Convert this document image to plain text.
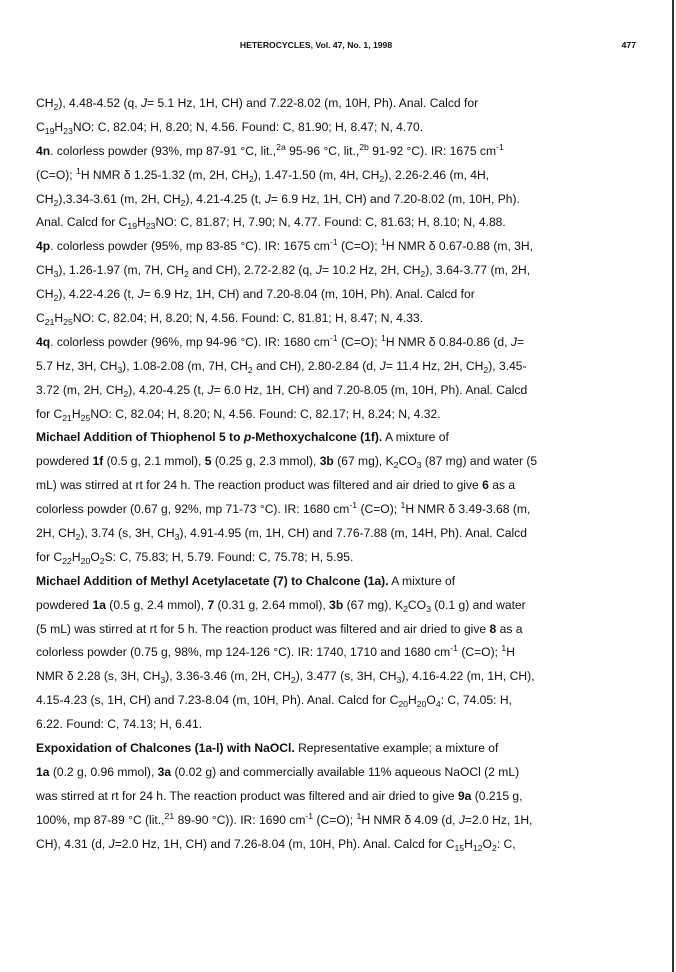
HETEROCYCLES, Vol. 47, No. 1, 1998	477
$CH_2$), 4.48-4.52 (q, J= 5.1 Hz, 1H, CH) and 7.22-8.02 (m, 10H, Ph). Anal. Calcd for
$C_{19}H_{23}NO$: C, 82.04; H, 8.20; N, 4.56. Found: C, 81.90; H, 8.47; N, 4.70.
4n. colorless powder (93%, mp 87-91 °C, lit.,$^{2a}$ 95-96 °C, lit.,$^{2b}$ 91-92 °C). IR: 1675 $cm^{-1}$
(C=O); $^1$H NMR δ 1.25-1.32 (m, 2H, $CH_2$), 1.47-1.50 (m, 4H, $CH_2$), 2.26-2.46 (m, 4H,
$CH_2),3.34-3.61$ (m, 2H, $CH_2$), 4.21-4.25 (t, J= 6.9 Hz, 1H, CH) and 7.20-8.02 (m, 10H, Ph).
Anal. Calcd for $C_{19}H_{23}NO$: C, 81.87; H, 7.90; N, 4.77. Found: C, 81.63; H, 8.10; N, 4.88.
4p. colorless powder (95%, mp 83-85 °C). IR: 1675 $cm^{-1}$ (C=O); $^1$H NMR δ 0.67-0.88 (m, 3H,
$CH_3$), 1.26-1.97 (m, 7H, $CH_2$ and CH), 2.72-2.82 (q, J= 10.2 Hz, 2H, $CH_2$), 3.64-3.77 (m, 2H,
$CH_2$), 4.22-4.26 (t, J= 6.9 Hz, 1H, CH) and 7.20-8.04 (m, 10H, Ph). Anal. Calcd for
$C_{21}H_{25}NO$: C, 82.04; H, 8.20; N, 4.56. Found: C, 81.81; H, 8.47; N, 4.33.
4q. colorless powder (96%, mp 94-96 °C). IR: 1680 $cm^{-1}$ (C=O); $^1$H NMR δ 0.84-0.86 (d, J=
5.7 Hz, 3H, $CH_3$), 1.08-2.08 (m, 7H, $CH_2$ and CH), 2.80-2.84 (d, J= 11.4 Hz, 2H, $CH_2$), 3.45-
3.72 (m, 2H, $CH_2$), 4.20-4.25 (t, J= 6.0 Hz, 1H, CH) and 7.20-8.05 (m, 10H, Ph). Anal. Calcd
for $C_{21}H_{25}NO$: C, 82.04; H, 8.20; N, 4.56. Found: C, 82.17; H, 8.24; N, 4.32.
Michael Addition of Thiophenol 5 to p-Methoxychalcone (1f). A mixture of
powdered 1f (0.5 g, 2.1 mmol), 5 (0.25 g, 2.3 mmol), 3b (67 mg), $K_2CO_3$ (87 mg) and water (5
mL) was stirred at rt for 24 h. The reaction product was filtered and air dried to give 6 as a
colorless powder (0.67 g, 92%, mp 71-73 °C). IR: 1680 $cm^{-1}$ (C=O); $^1$H NMR δ 3.49-3.68 (m,
2H, $CH_2$), 3.74 (s, 3H, $CH_3$), 4.91-4.95 (m, 1H, CH) and 7.76-7.88 (m, 14H, Ph). Anal. Calcd
for $C_{22}H_{20}O_2S$: C, 75.83; H, 5.79. Found: C, 75.78; H, 5.95.
Michael Addition of Methyl Acetylacetate (7) to Chalcone (1a). A mixture of
powdered 1a (0.5 g, 2.4 mmol), 7 (0.31 g, 2.64 mmol), 3b (67 mg), $K_2CO_3$ (0.1 g) and water
(5 mL) was stirred at rt for 5 h. The reaction product was filtered and air dried to give 8 as a
colorless powder (0.75 g, 98%, mp 124-126 °C). IR: 1740, 1710 and 1680 $cm^{-1}$ (C=O); $^1$H
NMR δ 2.28 (s, 3H, $CH_3$), 3.36-3.46 (m, 2H, $CH_2$), 3.477 (s, 3H, $CH_3$), 4.16-4.22 (m, 1H, CH),
4.15-4.23 (s, 1H, CH) and 7.23-8.04 (m, 10H, Ph). Anal. Calcd for $C_{20}H_{20}O_4$: C, 74.05: H,
6.22. Found: C, 74.13; H, 6.41.
Expoxidation of Chalcones (1a-l) with NaOCl. Representative example; a mixture of
1a (0.2 g, 0.96 mmol), 3a (0.02 g) and commercially available 11% aqueous NaOCl (2 mL)
was stirred at rt for 24 h. The reaction product was filtered and air dried to give 9a (0.215 g,
100%, mp 87-89 °C (lit.,$^{21}$ 89-90 °C)). IR: 1690 $cm^{-1}$ (C=O); $^1$H NMR δ 4.09 (d, J=2.0 Hz, 1H,
CH), 4.31 (d, J=2.0 Hz, 1H, CH) and 7.26-8.04 (m, 10H, Ph). Anal. Calcd for $C_{15}H_{12}O_2$: C,
